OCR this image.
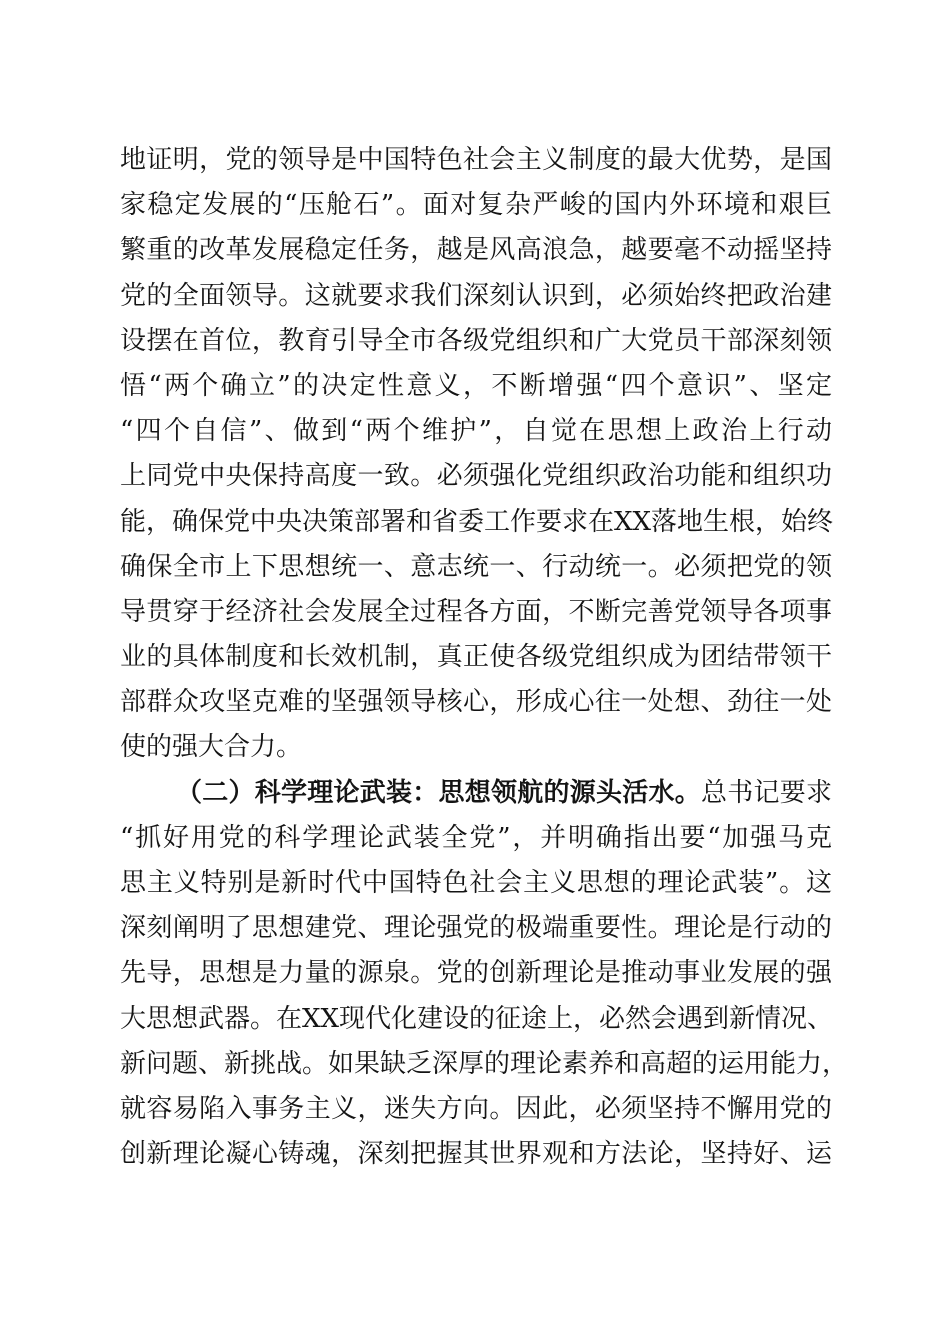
地证明，党的领导是中国特色社会主义制度的最大优势，是国
家稳定发展的“压舱石”。面对复杂严峻的国内外环境和艰巨
繁重的改革发展稳定任务，越是风高浪急，越要毫不动摇坚持
党的全面领导。这就要求我们深刻认识到，必须始终把政治建
设摆在首位，教育引导全市各级党组织和广大党员干部深刻领
悟“两个确立”的决定性意义，不断增强“四个意识”、坚定
“四个自信”、做到“两个维护”，自觉在思想上政治上行动
上同党中央保持高度一致。必须强化党组织政治功能和组织功
能，确保党中央决策部署和省委工作要求在XX落地生根，始终
确保全市上下思想统一、意志统一、行动统一。必须把党的领
导贯穿于经济社会发展全过程各方面，不断完善党领导各项事
业的具体制度和长效机制，真正使各级党组织成为团结带领干
部群众攻坚克难的坚强领导核心，形成心往一处想、劲往一处
使的强大合力。
（二）科学理论武装：思想领航的源头活水。总书记要求
“抓好用党的科学理论武装全党”，并明确指出要“加强马克
思主义特别是新时代中国特色社会主义思想的理论武装”。这
深刻阐明了思想建党、理论强党的极端重要性。理论是行动的
先导，思想是力量的源泉。党的创新理论是推动事业发展的强
大思想武器。在XX现代化建设的征途上，必然会遇到新情况、
新问题、新挑战。如果缺乏深厚的理论素养和高超的运用能力，
就容易陷入事务主义，迷失方向。因此，必须坚持不懈用党的
创新理论凝心铸魂，深刻把握其世界观和方法论，坚持好、运
